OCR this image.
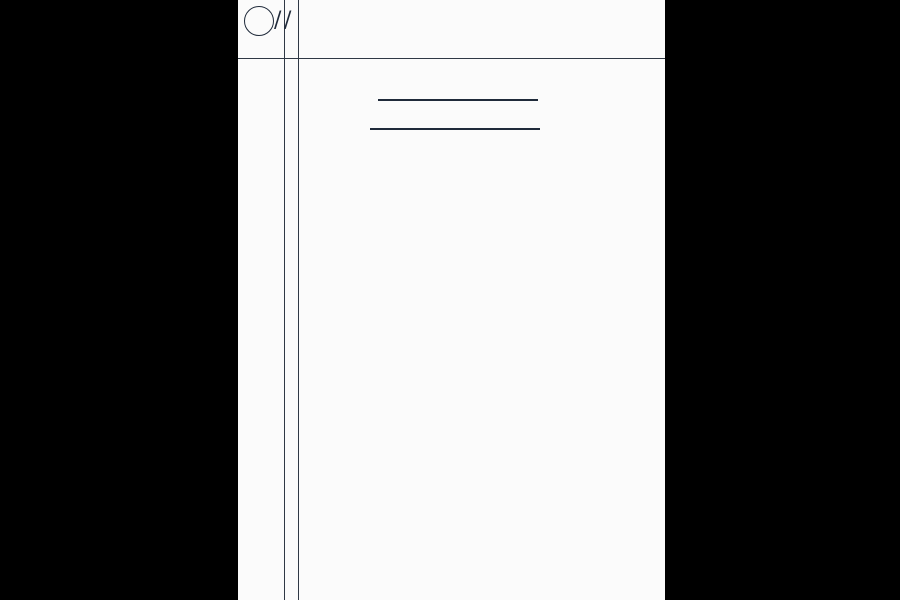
/ /
